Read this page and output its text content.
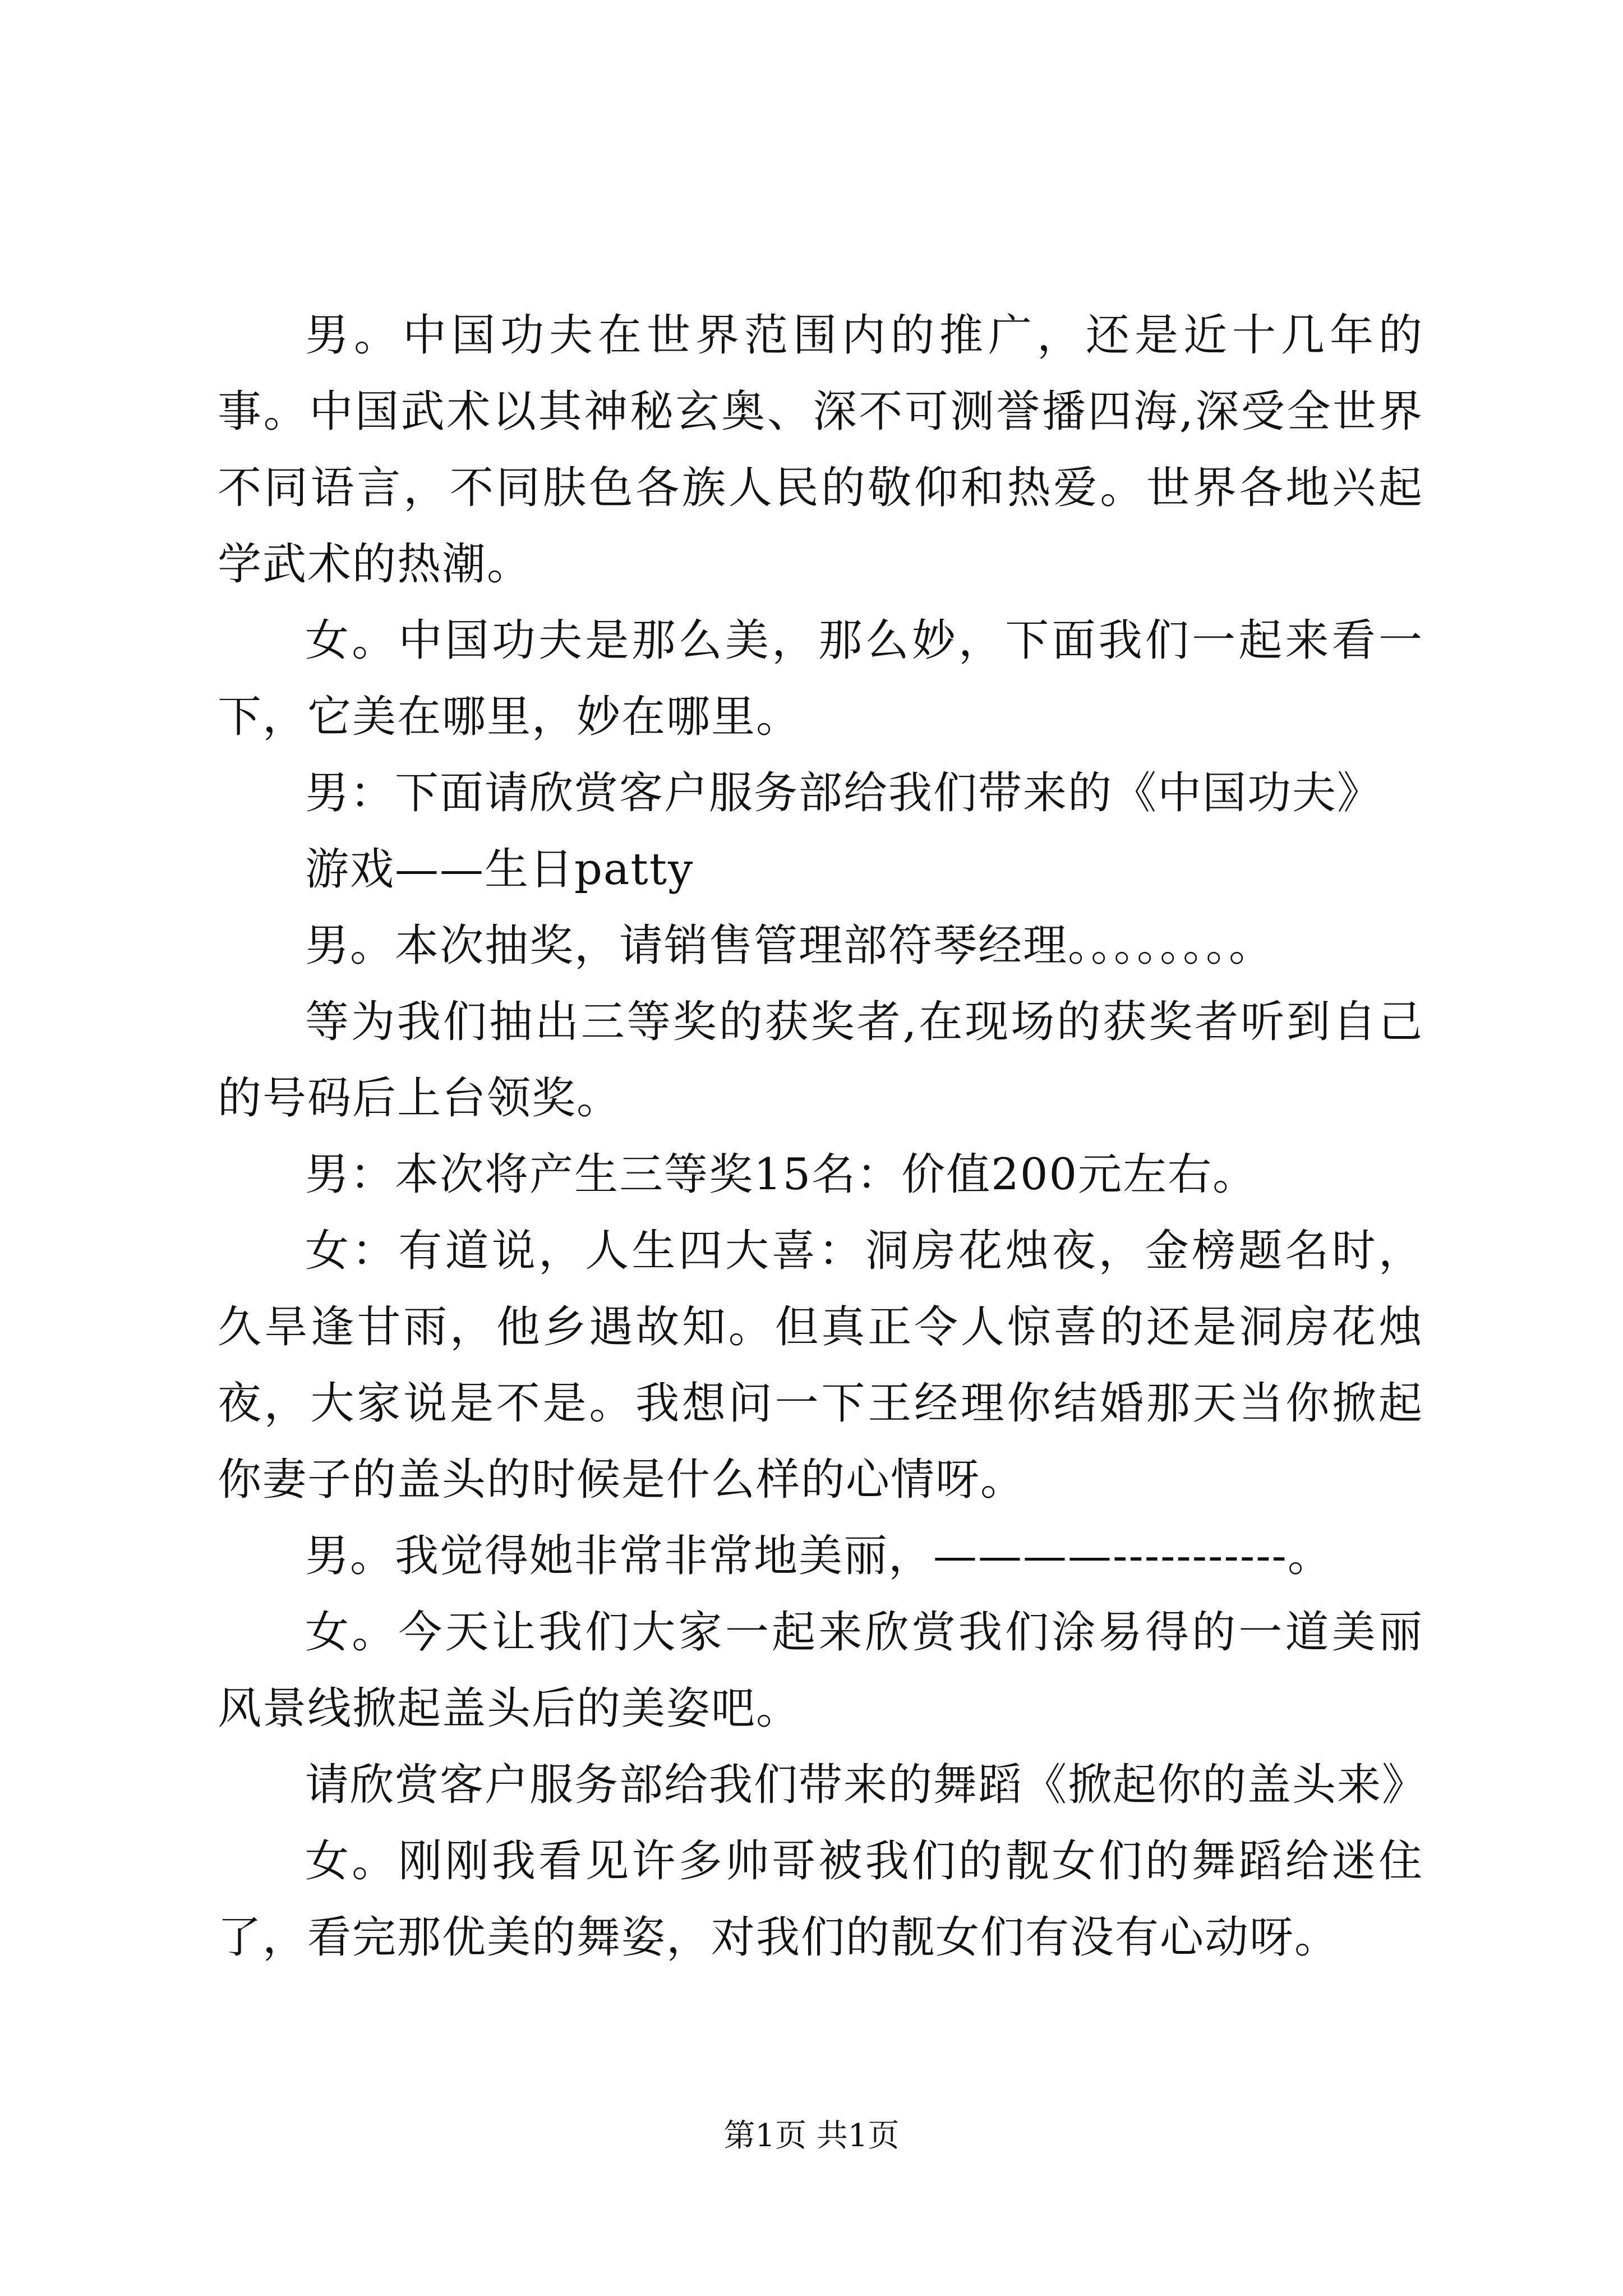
男。中国功夫在世界范围内的推广，还是近十几年的事。中国武术以其神秘玄奥、深不可测誉播四海,深受全世界不同语言，不同肤色各族人民的敬仰和热爱。世界各地兴起学武术的热潮。

女。中国功夫是那么美，那么妙，下面我们一起来看一下，它美在哪里，妙在哪里。

男：下面请欣赏客户服务部给我们带来的《中国功夫》

游戏——生日patty

男。本次抽奖，请销售管理部符琴经理。。。。。。。。

等为我们抽出三等奖的获奖者,在现场的获奖者听到自己的号码后上台领奖。

男：本次将产生三等奖15名：价值200元左右。

女：有道说，人生四大喜：洞房花烛夜，金榜题名时，久旱逢甘雨，他乡遇故知。但真正令人惊喜的还是洞房花烛夜，大家说是不是。我想问一下王经理你结婚那天当你掀起你妻子的盖头的时候是什么样的心情呀。

男。我觉得她非常非常地美丽，————-----------。

女。今天让我们大家一起来欣赏我们涂易得的一道美丽风景线掀起盖头后的美姿吧。

请欣赏客户服务部给我们带来的舞蹈《掀起你的盖头来》

女。刚刚我看见许多帅哥被我们的靓女们的舞蹈给迷住了，看完那优美的舞姿，对我们的靓女们有没有心动呀。

第1页 共1页
